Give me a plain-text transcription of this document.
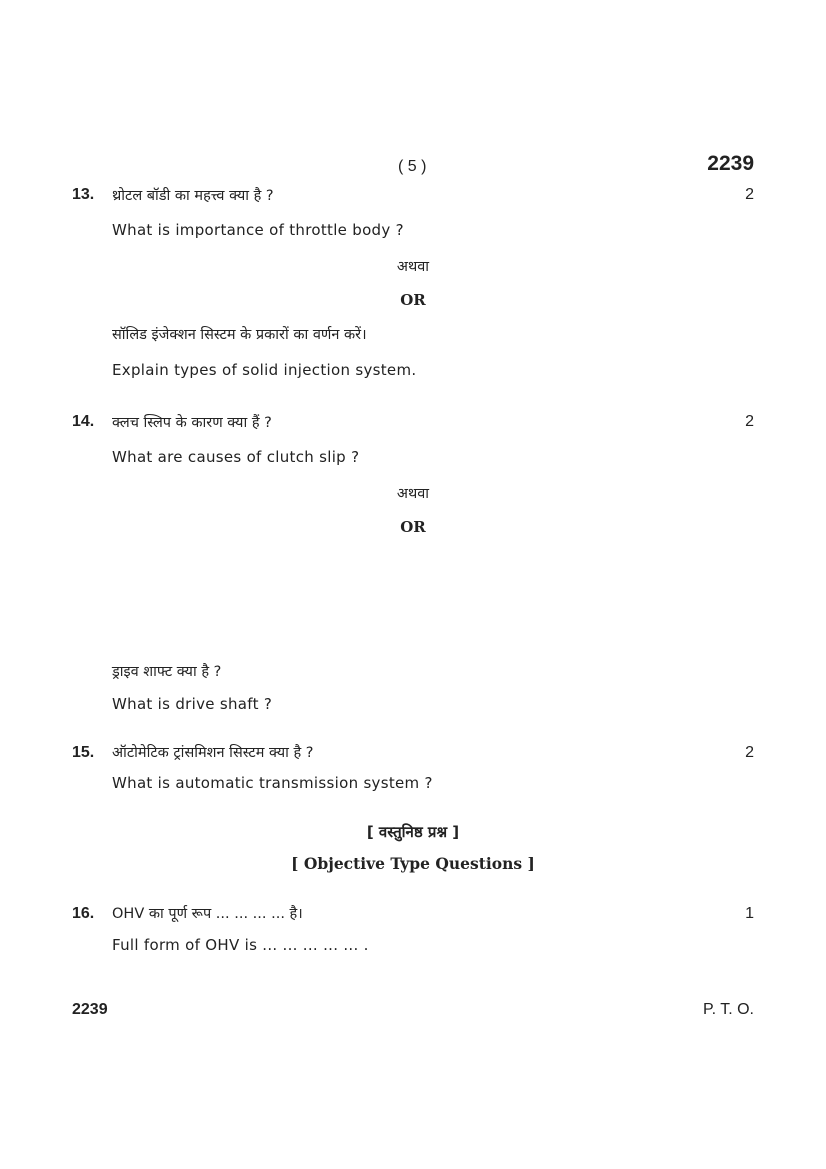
( 5 )	2239
13. थ्रोटल बॉडी का महत्त्व क्या है ?	2
What is importance of throttle body ?
अथवा
OR
सॉलिड इंजेक्शन सिस्टम के प्रकारों का वर्णन करें।
Explain types of solid injection system.
14. क्लच स्लिप के कारण क्या हैं ?	2
What are causes of clutch slip ?
अथवा
OR
ड्राइव शाफ्ट क्या है ?
What is drive shaft ?
15. ऑटोमेटिक ट्रांसमिशन सिस्टम क्या है ?	2
What is automatic transmission system ?
[ वस्तुनिष्ठ प्रश्न ]
[ Objective Type Questions ]
16. OHV का पूर्ण रूप ... ... ... ... है।	1
Full form of OHV is ... ... ... ... ... .
2239	P. T. O.
